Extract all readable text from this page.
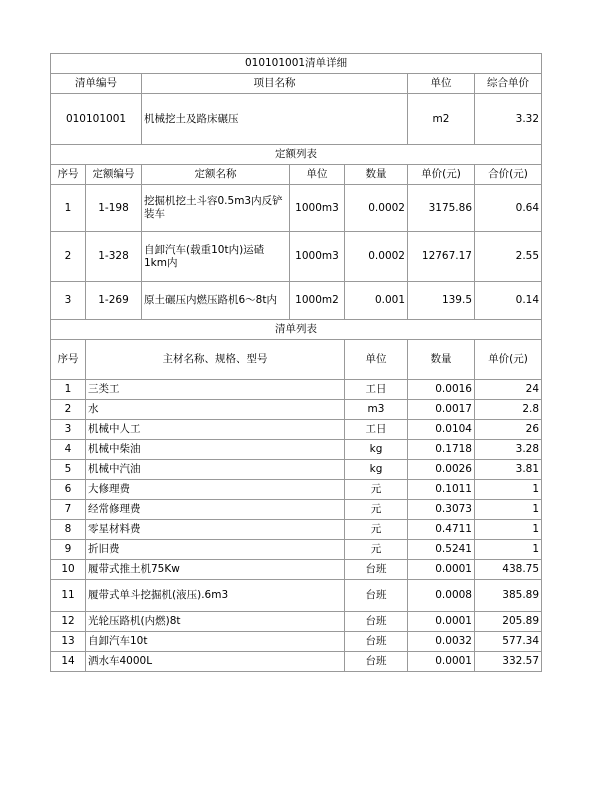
010101001清单详细							
清单编号		项目名称			单位	综合单价	
010101001		机械挖土及路床碾压			m2	3.32	
定额列表							
序号	定额编号	定额名称	单位	数量	单价(元)	合价(元)	
1	1-198	挖掘机挖土斗容0.5m3内反铲装车	1000m3	0.0002	3175.86	0.64	
2	1-328	自卸汽车(载重10t内)运碴1km内	1000m3	0.0002	12767.17	2.55	
3	1-269	原土碾压内燃压路机6～8t内	1000m2	0.001	139.5	0.14	
清单列表							
序号	主材名称、规格、型号			单位	数量	单价(元)	
1	三类工			工日	0.0016	24	
2	水			m3	0.0017	2.8	
3	机械中人工			工日	0.0104	26	
4	机械中柴油			kg	0.1718	3.28	
5	机械中汽油			kg	0.0026	3.81	
6	大修理费			元	0.1011	1	
7	经常修理费			元	0.3073	1	
8	零星材料费			元	0.4711	1	
9	折旧费			元	0.5241	1	
10	履带式推土机75Kw			台班	0.0001	438.75	
11	履带式单斗挖掘机(液压).6m3			台班	0.0008	385.89	
12	光轮压路机(内燃)8t			台班	0.0001	205.89	
13	自卸汽车10t			台班	0.0032	577.34	
14	洒水车4000L			台班	0.0001	332.57	
